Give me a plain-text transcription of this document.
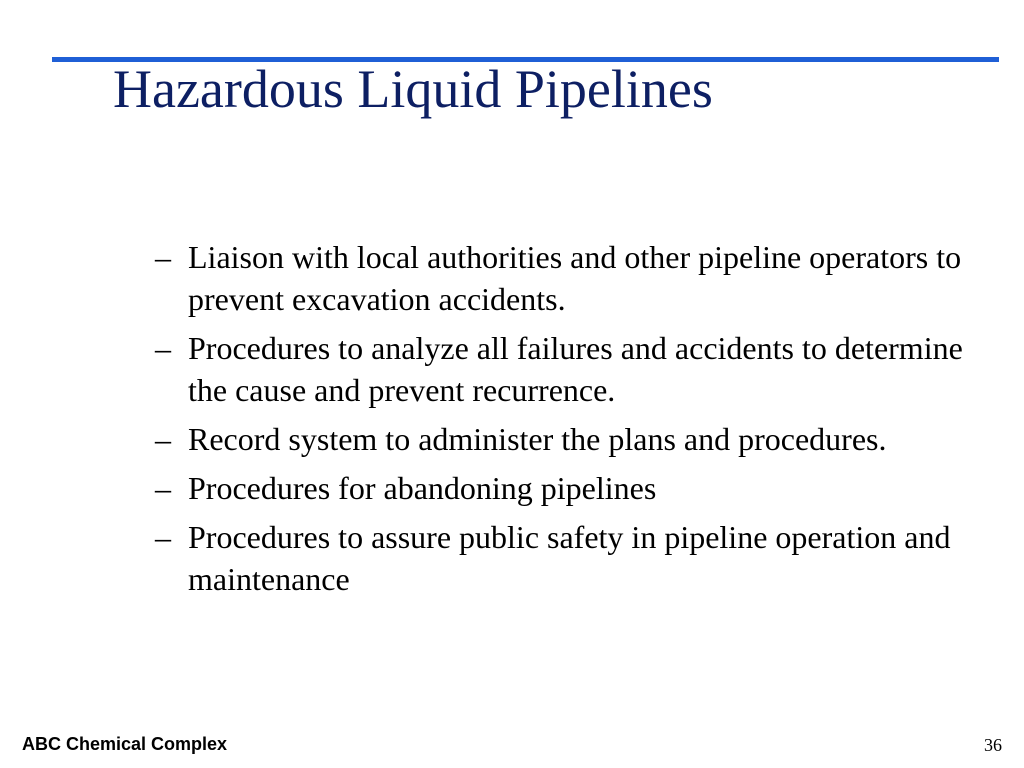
Hazardous Liquid Pipelines
– Liaison with local authorities and other pipeline operators to prevent excavation accidents.
– Procedures to analyze all failures and accidents to determine the cause and prevent recurrence.
– Record system to administer the plans and procedures.
– Procedures for abandoning pipelines
– Procedures to assure public safety in pipeline operation and maintenance
ABC Chemical Complex	36
